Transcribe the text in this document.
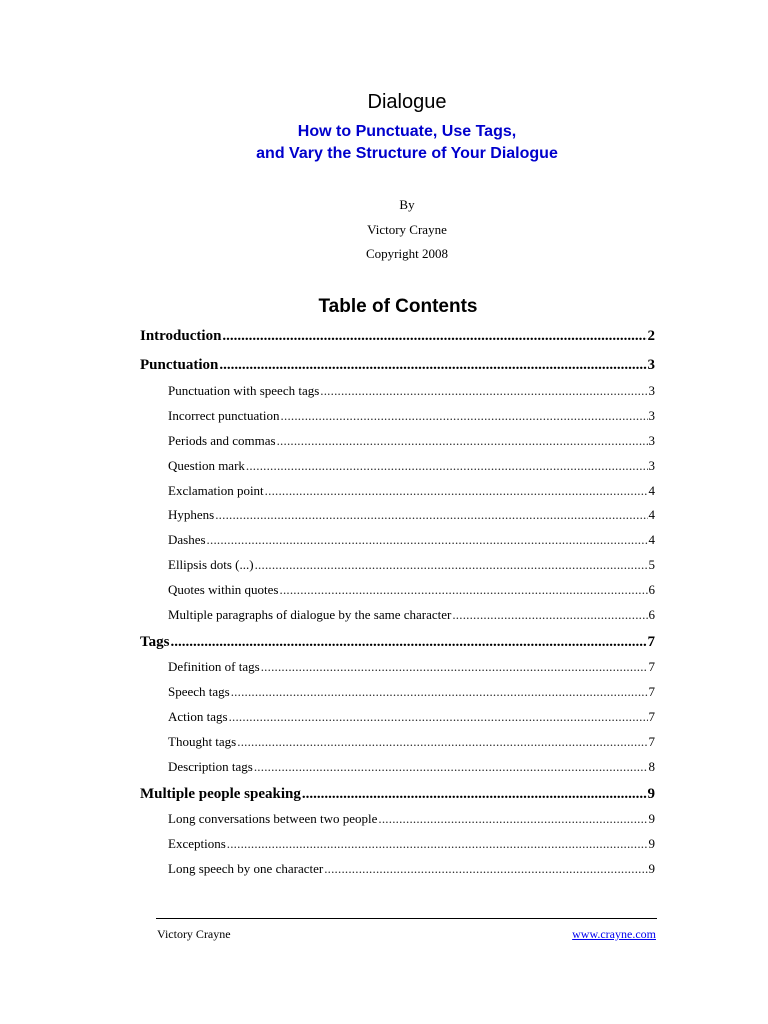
Dialogue
How to Punctuate, Use Tags,
and Vary the Structure of Your Dialogue
By
Victory Crayne
Copyright 2008
Table of Contents
Introduction .....	2
Punctuation .....	3
Punctuation with speech tags .....	3
Incorrect punctuation .....	3
Periods and commas .....	3
Question mark .....	3
Exclamation point .....	4
Hyphens .....	4
Dashes .....	4
Ellipsis dots (...) .....	5
Quotes within quotes .....	6
Multiple paragraphs of dialogue by the same character .....	6
Tags .....	7
Definition of tags .....	7
Speech tags .....	7
Action tags .....	7
Thought tags .....	7
Description tags .....	8
Multiple people speaking .....	9
Long conversations between two people .....	9
Exceptions .....	9
Long speech by one character .....	9
Victory Crayne	www.crayne.com
